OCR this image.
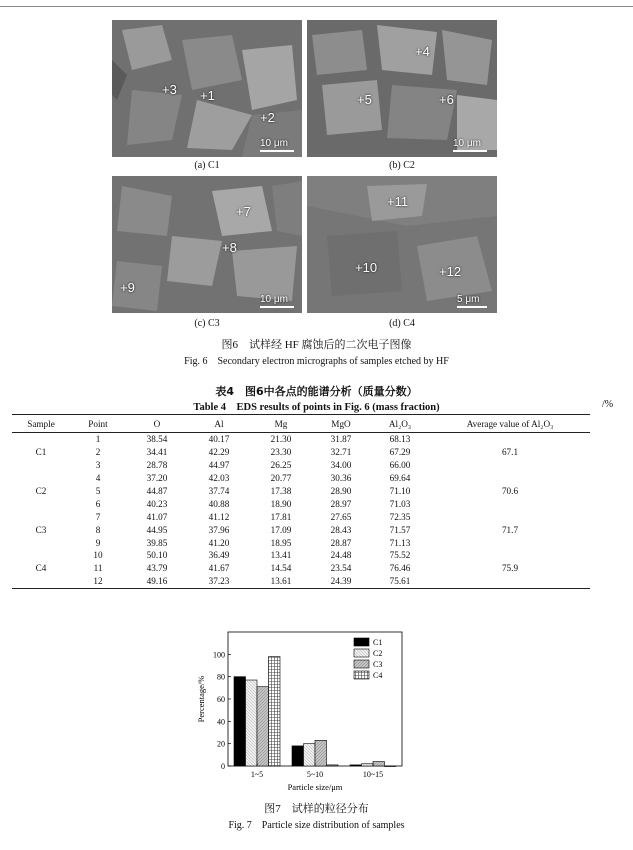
+1
+2
+3
10 μm
(a) C1
+4
+5	+6
10 μm
(b) C2
+7
+8
+9
10 μm
(c) C3
+11
+10	+12
5 μm
(d) C4
图6　试样经 HF 腐蚀后的二次电子图像
Fig. 6　Secondary electron micrographs of samples etched by HF
表4　图6中各点的能谱分析（质量分数）
Table 4　EDS results of points in Fig. 6 (mass fraction)	/%
Sample	Point	O	Al	Mg	MgO	Al₂O₃	Average value of Al₂O₃
	1	38.54	40.17	21.30	31.87	68.13	
C1	2	34.41	42.29	23.30	32.71	67.29	67.1
	3	28.78	44.97	26.25	34.00	66.00	
	4	37.20	42.03	20.77	30.36	69.64	
C2	5	44.87	37.74	17.38	28.90	71.10	70.6
	6	40.23	40.88	18.90	28.97	71.03	
	7	41.07	41.12	17.81	27.65	72.35	
C3	8	44.95	37.96	17.09	28.43	71.57	71.7
	9	39.85	41.20	18.95	28.87	71.13	
	10	50.10	36.49	13.41	24.48	75.52	
C4	11	43.79	41.67	14.54	23.54	76.46	75.9
	12	49.16	37.23	13.61	24.39	75.61	
0
20
40
60
80
100
Percentage/%
Particle size/μm
1~5	5~10	10~15
C1
C2
C3
C4
图7　试样的粒径分布
Fig. 7　Particle size distribution of samples
